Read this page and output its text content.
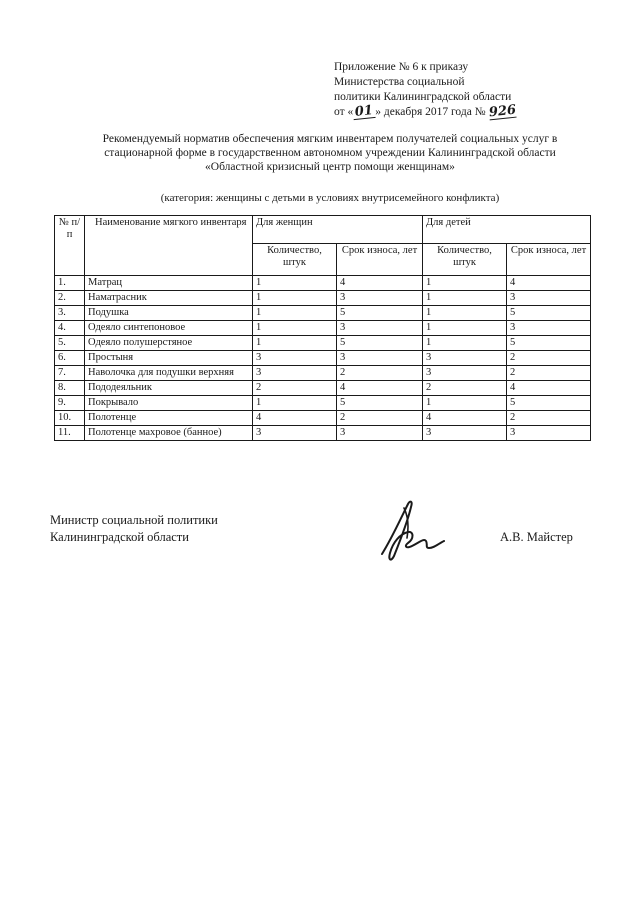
Приложение № 6 к приказу
Министерства социальной
политики Калининградской области
от «01» декабря 2017 года № 926
Рекомендуемый норматив обеспечения мягким инвентарем получателей социальных услуг в
стационарной форме в государственном автономном учреждении Калининградской области
«Областной кризисный центр помощи женщинам»
(категория: женщины с детьми в условиях внутрисемейного конфликта)
№ п/п	Наименование мягкого инвентаря	Для женщин		Для детей	
		Количество, штук	Срок износа, лет	Количество, штук	Срок износа, лет
1.	Матрац	1	4	1	4
2.	Наматрасник	1	3	1	3
3.	Подушка	1	5	1	5
4.	Одеяло синтепоновое	1	3	1	3
5.	Одеяло полушерстяное	1	5	1	5
6.	Простыня	3	3	3	2
7.	Наволочка для подушки верхняя	3	2	3	2
8.	Пододеяльник	2	4	2	4
9.	Покрывало	1	5	1	5
10.	Полотенце	4	2	4	2
11.	Полотенце махровое (банное)	3	3	3	3
Министр социальной политики
Калининградской области	А.В. Майстер
